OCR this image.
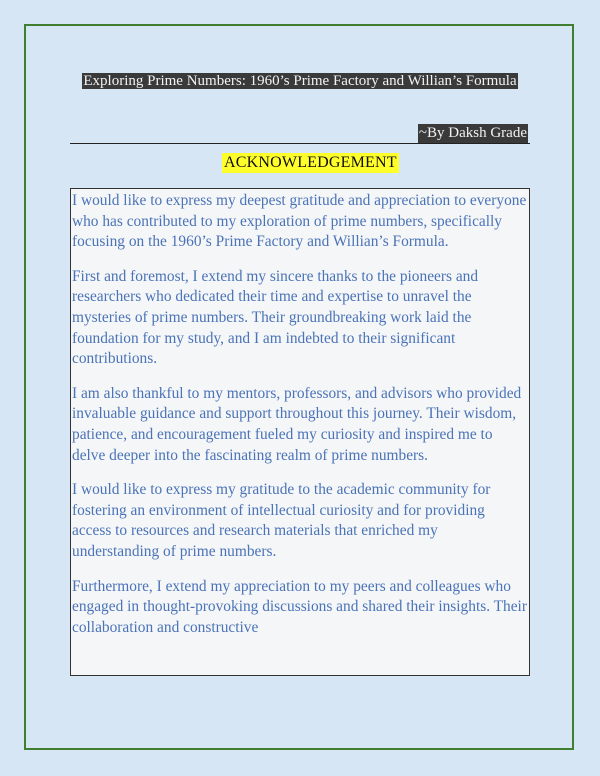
Exploring Prime Numbers: 1960’s Prime Factory and Willian’s Formula
~By Daksh Grade
ACKNOWLEDGEMENT

I would like to express my deepest gratitude and appreciation to everyone who has contributed to my exploration of prime numbers, specifically focusing on the 1960’s Prime Factory and Willian’s Formula.

First and foremost, I extend my sincere thanks to the pioneers and researchers who dedicated their time and expertise to unravel the mysteries of prime numbers. Their groundbreaking work laid the foundation for my study, and I am indebted to their significant contributions.

I am also thankful to my mentors, professors, and advisors who provided invaluable guidance and support throughout this journey. Their wisdom, patience, and encouragement fueled my curiosity and inspired me to delve deeper into the fascinating realm of prime numbers.

I would like to express my gratitude to the academic community for fostering an environment of intellectual curiosity and for providing access to resources and research materials that enriched my understanding of prime numbers.

Furthermore, I extend my appreciation to my peers and colleagues who engaged in thought-provoking discussions and shared their insights. Their collaboration and constructive
